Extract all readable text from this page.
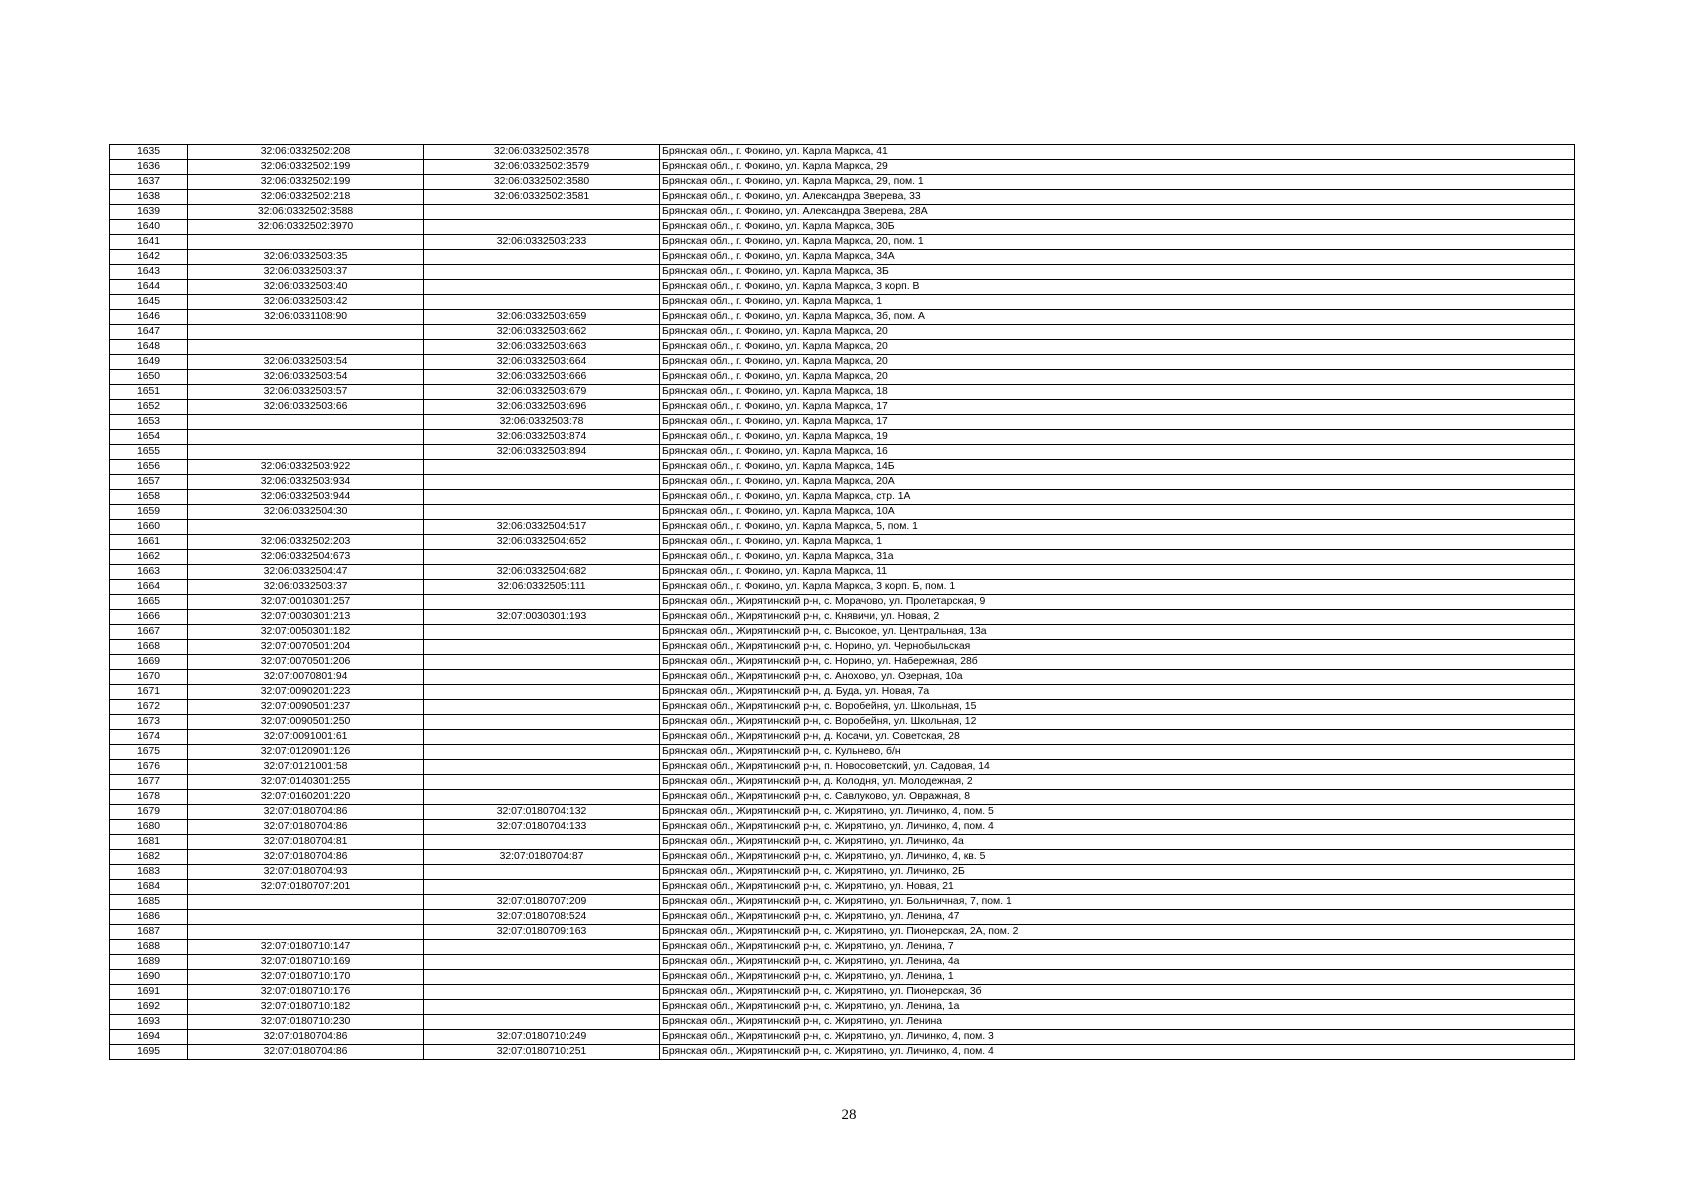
1635	32:06:0332502:208	32:06:0332502:3578	Брянская обл., г. Фокино, ул. Карла Маркса, 41
1636	32:06:0332502:199	32:06:0332502:3579	Брянская обл., г. Фокино, ул. Карла Маркса, 29
1637	32:06:0332502:199	32:06:0332502:3580	Брянская обл., г. Фокино, ул. Карла Маркса, 29, пом. 1
1638	32:06:0332502:218	32:06:0332502:3581	Брянская обл., г. Фокино, ул. Александра Зверева, 33
1639	32:06:0332502:3588		Брянская обл., г. Фокино, ул. Александра Зверева, 28А
1640	32:06:0332502:3970		Брянская обл., г. Фокино, ул. Карла Маркса, 30Б
1641		32:06:0332503:233	Брянская обл., г. Фокино, ул. Карла Маркса, 20, пом. 1
1642	32:06:0332503:35		Брянская обл., г. Фокино, ул. Карла Маркса, 34А
1643	32:06:0332503:37		Брянская обл., г. Фокино, ул. Карла Маркса, 3Б
1644	32:06:0332503:40		Брянская обл., г. Фокино, ул. Карла Маркса, 3 корп. В
1645	32:06:0332503:42		Брянская обл., г. Фокино, ул. Карла Маркса, 1
1646	32:06:0331108:90	32:06:0332503:659	Брянская обл., г. Фокино, ул. Карла Маркса, 3б, пом. А
1647		32:06:0332503:662	Брянская обл., г. Фокино, ул. Карла Маркса, 20
1648		32:06:0332503:663	Брянская обл., г. Фокино, ул. Карла Маркса, 20
1649	32:06:0332503:54	32:06:0332503:664	Брянская обл., г. Фокино, ул. Карла Маркса, 20
1650	32:06:0332503:54	32:06:0332503:666	Брянская обл., г. Фокино, ул. Карла Маркса, 20
1651	32:06:0332503:57	32:06:0332503:679	Брянская обл., г. Фокино, ул. Карла Маркса, 18
1652	32:06:0332503:66	32:06:0332503:696	Брянская обл., г. Фокино, ул. Карла Маркса, 17
1653		32:06:0332503:78	Брянская обл., г. Фокино, ул. Карла Маркса, 17
1654		32:06:0332503:874	Брянская обл., г. Фокино, ул. Карла Маркса, 19
1655		32:06:0332503:894	Брянская обл., г. Фокино, ул. Карла Маркса, 16
1656	32:06:0332503:922		Брянская обл., г. Фокино, ул. Карла Маркса, 14Б
1657	32:06:0332503:934		Брянская обл., г. Фокино, ул. Карла Маркса, 20А
1658	32:06:0332503:944		Брянская обл., г. Фокино, ул. Карла Маркса, стр. 1А
1659	32:06:0332504:30		Брянская обл., г. Фокино, ул. Карла Маркса, 10А
1660		32:06:0332504:517	Брянская обл., г. Фокино, ул. Карла Маркса, 5, пом. 1
1661	32:06:0332502:203	32:06:0332504:652	Брянская обл., г. Фокино, ул. Карла Маркса, 1
1662	32:06:0332504:673		Брянская обл., г. Фокино, ул. Карла Маркса, 31а
1663	32:06:0332504:47	32:06:0332504:682	Брянская обл., г. Фокино, ул. Карла Маркса, 11
1664	32:06:0332503:37	32:06:0332505:111	Брянская обл., г. Фокино, ул. Карла Маркса, 3 корп. Б, пом. 1
1665	32:07:0010301:257		Брянская обл., Жирятинский р-н, с. Морачово, ул. Пролетарская, 9
1666	32:07:0030301:213	32:07:0030301:193	Брянская обл., Жирятинский р-н, с. Княвичи, ул. Новая, 2
1667	32:07:0050301:182		Брянская обл., Жирятинский р-н, с. Высокое, ул. Центральная, 13а
1668	32:07:0070501:204		Брянская обл., Жирятинский р-н, с. Норино, ул. Чернобыльская
1669	32:07:0070501:206		Брянская обл., Жирятинский р-н, с. Норино, ул. Набережная, 28б
1670	32:07:0070801:94		Брянская обл., Жирятинский р-н, с. Анохово, ул. Озерная, 10а
1671	32:07:0090201:223		Брянская обл., Жирятинский р-н, д. Буда, ул. Новая, 7а
1672	32:07:0090501:237		Брянская обл., Жирятинский р-н, с. Воробейня, ул. Школьная, 15
1673	32:07:0090501:250		Брянская обл., Жирятинский р-н, с. Воробейня, ул. Школьная, 12
1674	32:07:0091001:61		Брянская обл., Жирятинский р-н, д. Косачи, ул. Советская, 28
1675	32:07:0120901:126		Брянская обл., Жирятинский р-н, с. Кульнево, б/н
1676	32:07:0121001:58		Брянская обл., Жирятинский р-н, п. Новосоветский, ул. Садовая, 14
1677	32:07:0140301:255		Брянская обл., Жирятинский р-н, д. Колодня, ул. Молодежная, 2
1678	32:07:0160201:220		Брянская обл., Жирятинский р-н, с. Савлуково, ул. Овражная, 8
1679	32:07:0180704:86	32:07:0180704:132	Брянская обл., Жирятинский р-н, с. Жирятино, ул. Личинко, 4, пом. 5
1680	32:07:0180704:86	32:07:0180704:133	Брянская обл., Жирятинский р-н, с. Жирятино, ул. Личинко, 4, пом. 4
1681	32:07:0180704:81		Брянская обл., Жирятинский р-н, с. Жирятино, ул. Личинко, 4а
1682	32:07:0180704:86	32:07:0180704:87	Брянская обл., Жирятинский р-н, с. Жирятино, ул. Личинко, 4, кв. 5
1683	32:07:0180704:93		Брянская обл., Жирятинский р-н, с. Жирятино, ул. Личинко, 2Б
1684	32:07:0180707:201		Брянская обл., Жирятинский р-н, с. Жирятино, ул. Новая, 21
1685		32:07:0180707:209	Брянская обл., Жирятинский р-н, с. Жирятино, ул. Больничная, 7, пом. 1
1686		32:07:0180708:524	Брянская обл., Жирятинский р-н, с. Жирятино, ул. Ленина, 47
1687		32:07:0180709:163	Брянская обл., Жирятинский р-н, с. Жирятино, ул. Пионерская, 2А, пом. 2
1688	32:07:0180710:147		Брянская обл., Жирятинский р-н, с. Жирятино, ул. Ленина, 7
1689	32:07:0180710:169		Брянская обл., Жирятинский р-н, с. Жирятино, ул. Ленина, 4а
1690	32:07:0180710:170		Брянская обл., Жирятинский р-н, с. Жирятино, ул. Ленина, 1
1691	32:07:0180710:176		Брянская обл., Жирятинский р-н, с. Жирятино, ул. Пионерская, 3б
1692	32:07:0180710:182		Брянская обл., Жирятинский р-н, с. Жирятино, ул. Ленина, 1а
1693	32:07:0180710:230		Брянская обл., Жирятинский р-н, с. Жирятино, ул. Ленина
1694	32:07:0180704:86	32:07:0180710:249	Брянская обл., Жирятинский р-н, с. Жирятино, ул. Личинко, 4, пом. 3
1695	32:07:0180704:86	32:07:0180710:251	Брянская обл., Жирятинский р-н, с. Жирятино, ул. Личинко, 4, пом. 4
28
